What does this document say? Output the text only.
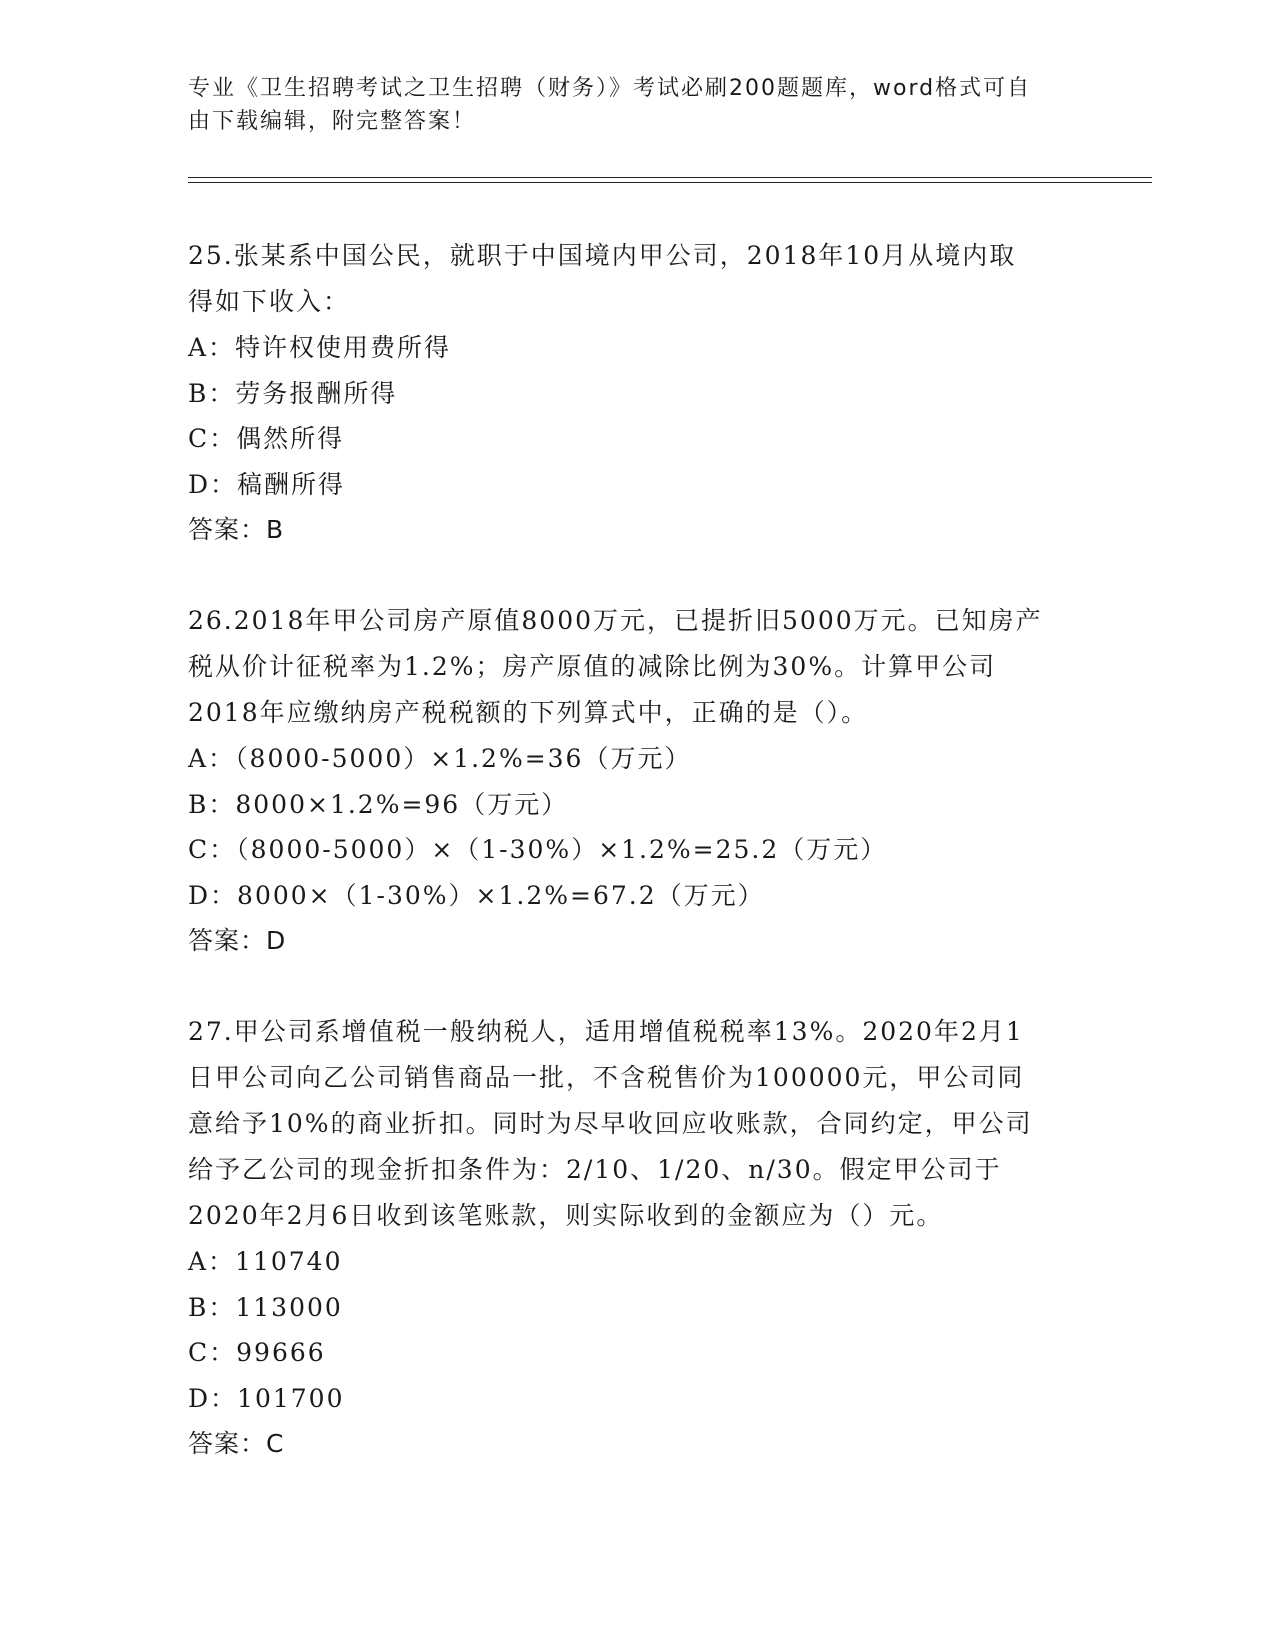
专业《卫生招聘考试之卫生招聘（财务）》考试必刷200题题库，word格式可自
由下载编辑，附完整答案！
25.张某系中国公民，就职于中国境内甲公司，2018年10月从境内取
得如下收入：
A：特许权使用费所得
B：劳务报酬所得
C：偶然所得
D：稿酬所得
答案：B
26.2018年甲公司房产原值8000万元，已提折旧5000万元。已知房产
税从价计征税率为1.2%；房产原值的减除比例为30%。计算甲公司
2018年应缴纳房产税税额的下列算式中，正确的是（）。
A：（8000-5000）×1.2%=36（万元）
B：8000×1.2%=96（万元）
C：（8000-5000）×（1-30%）×1.2%=25.2（万元）
D：8000×（1-30%）×1.2%=67.2（万元）
答案：D
27.甲公司系增值税一般纳税人，适用增值税税率13%。2020年2月1
日甲公司向乙公司销售商品一批，不含税售价为100000元，甲公司同
意给予10%的商业折扣。同时为尽早收回应收账款，合同约定，甲公司
给予乙公司的现金折扣条件为：2/10、1/20、n/30。假定甲公司于
2020年2月6日收到该笔账款，则实际收到的金额应为（）元。
A：110740
B：113000
C：99666
D：101700
答案：C
